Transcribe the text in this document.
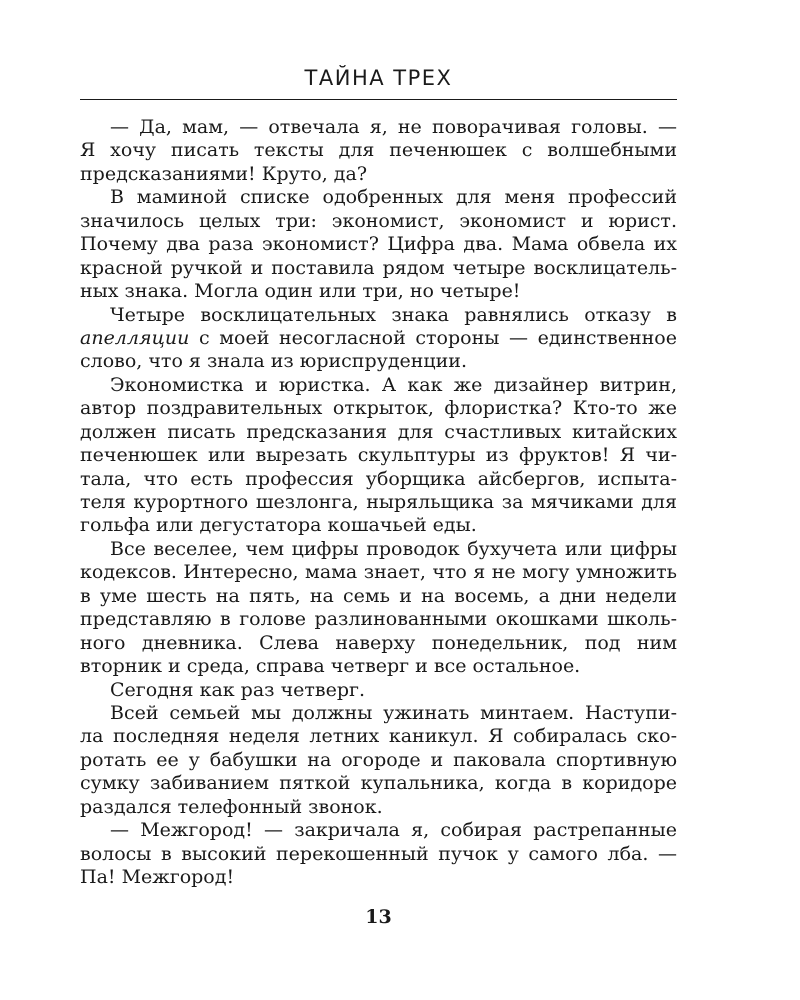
ТАЙНА ТРЕХ
— Да, мам, — отвечала я, не поворачивая головы. —
Я хочу писать тексты для печенюшек с волшебными
предсказаниями! Круто, да?
В маминой списке одобренных для меня профессий
значилось целых три: экономист, экономист и юрист.
Почему два раза экономист? Цифра два. Мама обвела их
красной ручкой и поставила рядом четыре восклицатель-
ных знака. Могла один или три, но четыре!
Четыре восклицательных знака равнялись отказу в
апелляции с моей несогласной стороны — единственное
слово, что я знала из юриспруденции.
Экономистка и юристка. А как же дизайнер витрин,
автор поздравительных открыток, флористка? Кто-то же
должен писать предсказания для счастливых китайских
печенюшек или вырезать скульптуры из фруктов! Я чи-
тала, что есть профессия уборщика айсбергов, испыта-
теля курортного шезлонга, ныряльщика за мячиками для
гольфа или дегустатора кошачьей еды.
Все веселее, чем цифры проводок бухучета или цифры
кодексов. Интересно, мама знает, что я не могу умножить
в уме шесть на пять, на семь и на восемь, а дни недели
представляю в голове разлинованными окошками школь-
ного дневника. Слева наверху понедельник, под ним
вторник и среда, справа четверг и все остальное.
Сегодня как раз четверг.
Всей семьей мы должны ужинать минтаем. Наступи-
ла последняя неделя летних каникул. Я собиралась ско-
ротать ее у бабушки на огороде и паковала спортивную
сумку забиванием пяткой купальника, когда в коридоре
раздался телефонный звонок.
— Межгород! — закричала я, собирая растрепанные
волосы в высокий перекошенный пучок у самого лба. —
Па! Межгород!
13
